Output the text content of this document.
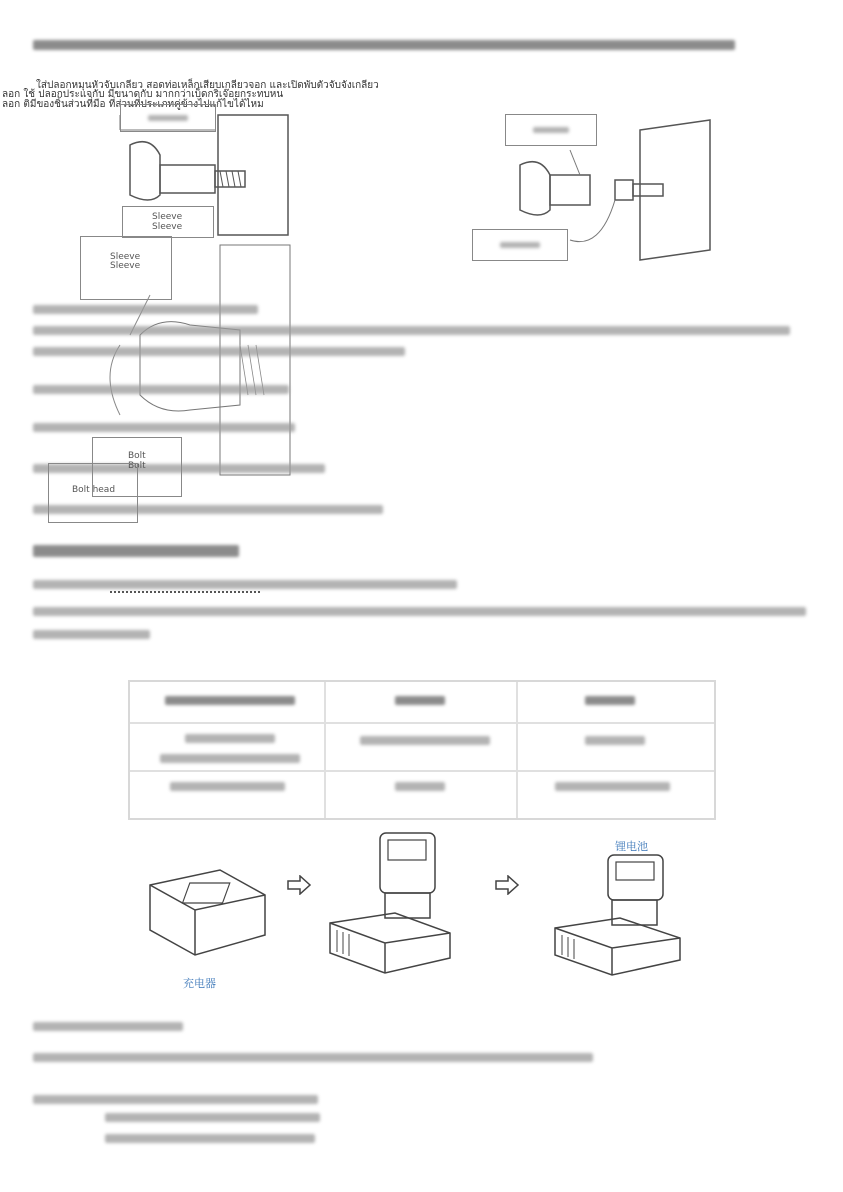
ใส่ปลอกหมุนหัวจับเกลียว สอดท่อเหล็กเสียบเกลียวจอก และเปิดพับตัวจับจังเกลียว
ลอก ใช้ ปลอกประแจกับ มีขนาดกับ มากกว่าเบ็ดกริเจ๊อยกระทบหน
ลอก ติมีของชิ้นส่วนที่มือ ที่ส่วนที่ประเภทคู่ข้างไปแก้ไขได้ไหม
Sleeve
Sleeve
Sleeve
Sleeve
Bolt
Bolt
Bolt head
充电器
锂电池
